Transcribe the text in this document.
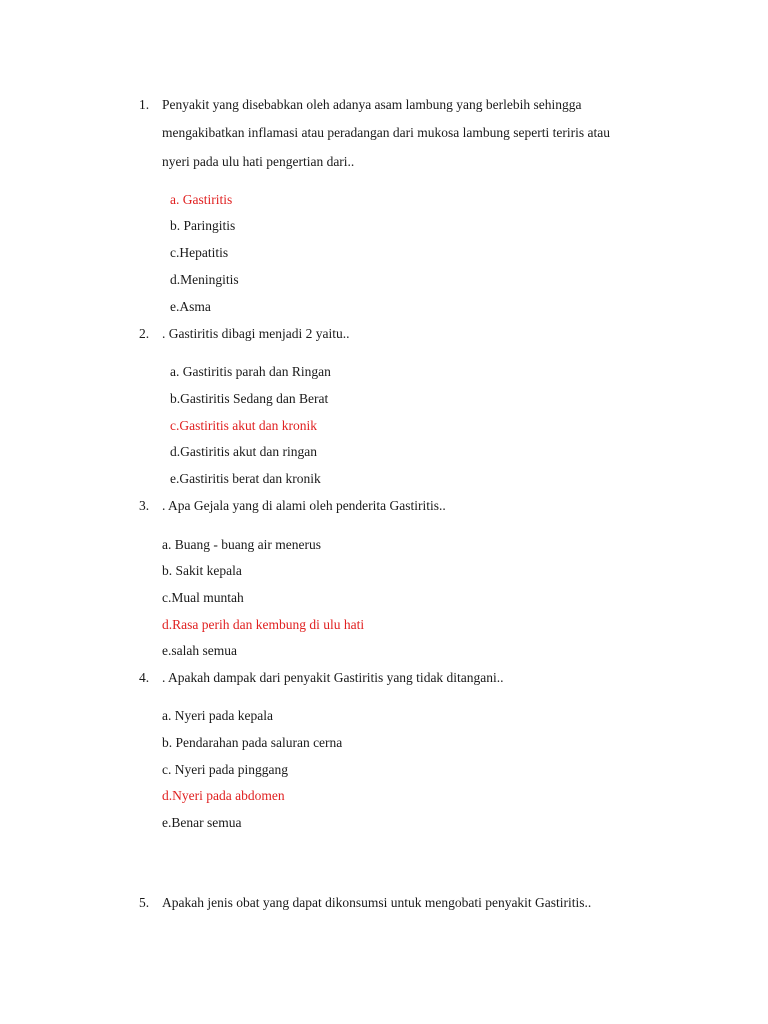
1. Penyakit yang disebabkan oleh adanya asam lambung yang berlebih sehingga
mengakibatkan inflamasi atau peradangan dari mukosa lambung seperti teriris atau
nyeri pada ulu hati pengertian dari..
a. Gastiritis
b. Paringitis
c.Hepatitis
d.Meningitis
e.Asma
2. . Gastiritis dibagi menjadi 2 yaitu..
a. Gastiritis parah dan Ringan
b.Gastiritis Sedang dan Berat
c.Gastiritis akut dan kronik
d.Gastiritis akut dan ringan
e.Gastiritis berat dan kronik
3. . Apa Gejala yang di alami oleh penderita Gastiritis..
a. Buang - buang air menerus
b. Sakit kepala
c.Mual muntah
d.Rasa perih dan kembung di ulu hati
e.salah semua
4. . Apakah dampak dari penyakit Gastiritis yang tidak ditangani..
a. Nyeri pada kepala
b. Pendarahan pada saluran cerna
c. Nyeri pada pinggang
d.Nyeri pada abdomen
e.Benar semua
5. Apakah jenis obat yang dapat dikonsumsi untuk mengobati penyakit Gastiritis..
